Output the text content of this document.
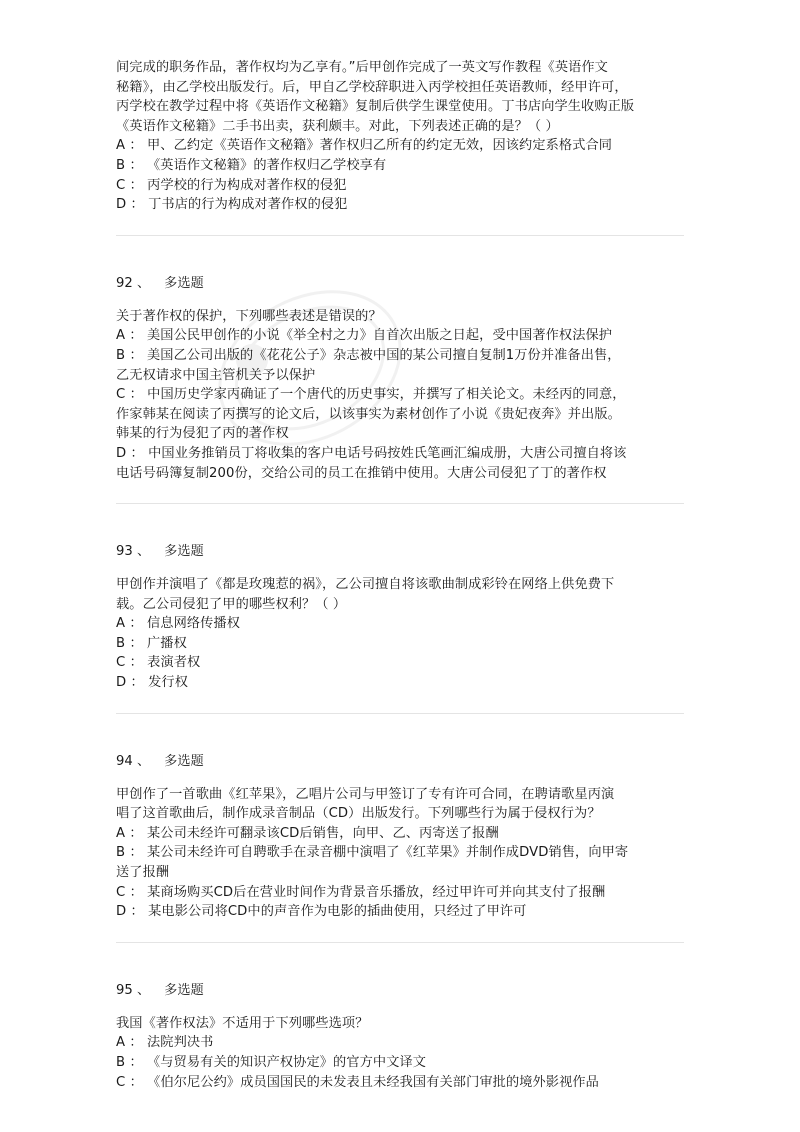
间完成的职务作品，著作权均为乙享有。”后甲创作完成了一英文写作教程《英语作文
秘籍》，由乙学校出版发行。后，甲自乙学校辞职进入丙学校担任英语教师，经甲许可，
丙学校在教学过程中将《英语作文秘籍》复制后供学生课堂使用。丁书店向学生收购正版
《英语作文秘籍》二手书出卖，获利颇丰。对此，下列表述正确的是？（ ）
A ： 甲、乙约定《英语作文秘籍》著作权归乙所有的约定无效，因该约定系格式合同
B ： 《英语作文秘籍》的著作权归乙学校享有
C ： 丙学校的行为构成对著作权的侵犯
D ： 丁书店的行为构成对著作权的侵犯
92 、 多选题
关于著作权的保护，下列哪些表述是错误的？
A ： 美国公民甲创作的小说《举全村之力》自首次出版之日起，受中国著作权法保护
B ： 美国乙公司出版的《花花公子》杂志被中国的某公司擅自复制1万份并准备出售，
乙无权请求中国主管机关予以保护
C ： 中国历史学家丙确证了一个唐代的历史事实，并撰写了相关论文。未经丙的同意，
作家韩某在阅读了丙撰写的论文后，以该事实为素材创作了小说《贵妃夜奔》并出版。
韩某的行为侵犯了丙的著作权
D ： 中国业务推销员丁将收集的客户电话号码按姓氏笔画汇编成册，大唐公司擅自将该
电话号码簿复制200份，交给公司的员工在推销中使用。大唐公司侵犯了丁的著作权
93 、 多选题
甲创作并演唱了《都是玫瑰惹的祸》，乙公司擅自将该歌曲制成彩铃在网络上供免费下
载。乙公司侵犯了甲的哪些权利？（ ）
A ： 信息网络传播权
B ： 广播权
C ： 表演者权
D ： 发行权
94 、 多选题
甲创作了一首歌曲《红苹果》，乙唱片公司与甲签订了专有许可合同，在聘请歌星丙演
唱了这首歌曲后，制作成录音制品（CD）出版发行。下列哪些行为属于侵权行为？
A ： 某公司未经许可翻录该CD后销售，向甲、乙、丙寄送了报酬
B ： 某公司未经许可自聘歌手在录音棚中演唱了《红苹果》并制作成DVD销售，向甲寄
送了报酬
C ： 某商场购买CD后在营业时间作为背景音乐播放，经过甲许可并向其支付了报酬
D ： 某电影公司将CD中的声音作为电影的插曲使用，只经过了甲许可
95 、 多选题
我国《著作权法》不适用于下列哪些选项？
A ： 法院判决书
B ： 《与贸易有关的知识产权协定》的官方中文译文
C ： 《伯尔尼公约》成员国国民的未发表且未经我国有关部门审批的境外影视作品
